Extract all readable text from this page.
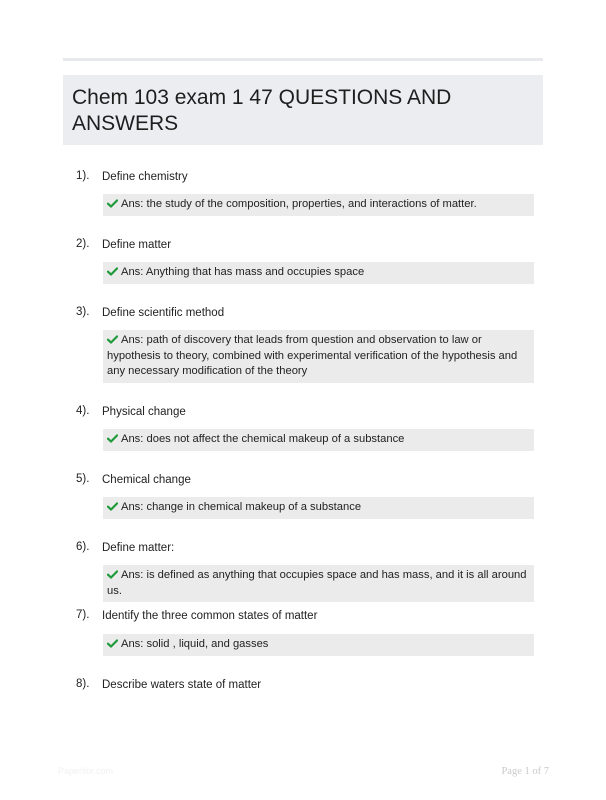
Chem 103 exam 1 47 QUESTIONS AND ANSWERS
1). Define chemistry
Ans: the study of the composition, properties, and interactions of matter.
2). Define matter
Ans: Anything that has mass and occupies space
3). Define scientific method
Ans: path of discovery that leads from question and observation to law or hypothesis to theory, combined with experimental verification of the hypothesis and any necessary modification of the theory
4). Physical change
Ans: does not affect the chemical makeup of a substance
5). Chemical change
Ans: change in chemical makeup of a substance
6). Define matter:
Ans: is defined as anything that occupies space and has mass, and it is all around us.
7). Identify the three common states of matter
Ans: solid , liquid, and gasses
8). Describe waters state of matter
Paperlibr.com	Page 1 of 7
